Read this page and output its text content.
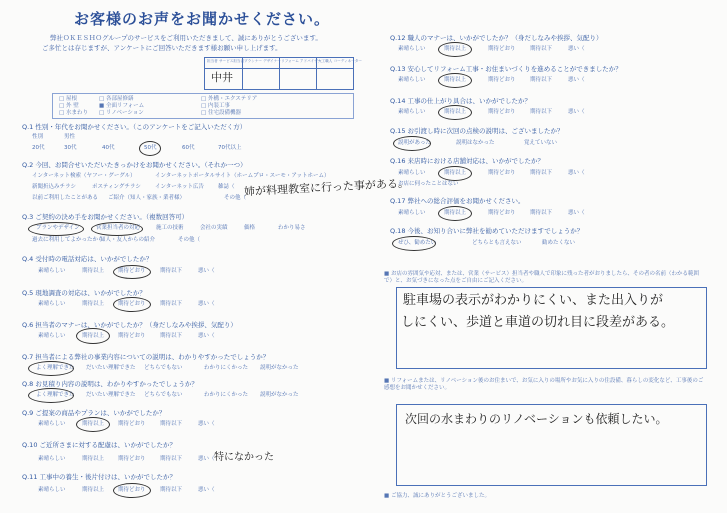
お客様のお声をお聞かせください。
弊社ＯＫＥＳＨＯグループのサービスをご利用いただきまして、誠にありがとうございます。
ご多忙とは存じますが、アンケートにご回答いただきます様お願い申し上げます。
担当者 サービス担当者 プランナー デザイナー リフォーム アドバイザー
大工職人 コーディネーター
中井
□ 屋根
□ 外 壁
□ 水まわり
□ 各部屋修繕
■ 全面リフォーム
□ リノベーション
□ 外構・エクステリア
□ 内装工事
□ 住宅設備機器
Q.1 性別・年代をお聞かせください。（このアンケートをご記入いただく方）
性別	男性
20代	30代	40代	50代	60代	70代以上
Q.2 今回、お問合せいただいたきっかけをお聞かせください。（それか一つ）
インターネット検索（ヤフー・グーグル）	インターネットポータルサイト（ホームプロ・スーモ・アットホーム）
新聞折込みチラシ	ポスティングチラシ	インターネット広告	雑誌（
以前ご利用したことがある ご紹介（知人・家族・業者様）	その他（
姉が料理教室に行った事がある。
Q.3 ご契約の決め手をお聞かせください。（複数回答可）
プランやデザイン	営業担当者の対応	施工の技術	会社の実績	価格	わかり易さ
過去に利用してよかったから
知人・友人からの紹介	その他（
Q.4 受付時の電話対応は、いかがでしたか？
素晴らしい	期待以上	期待どおり	期待以下	悪い（
Q.5 現地調査の対応は、いかがでしたか？
素晴らしい	期待以上	期待どおり	期待以下	悪い（
Q.6 担当者のマナーは、いかがでしたか？（身だしなみや挨拶、気配り）
素晴らしい	期待以上	期待どおり	期待以下	悪い（
Q.7 担当者による弊社の事業内容についての説明は、わかりやすかったでしょうか？
よく理解できた だいたい理解できた どちらでもない	わかりにくかった 説明がなかった
Q.8 お見積り内容の説明は、わかりやすかったでしょうか？
よく理解できた だいたい理解できた どちらでもない	わかりにくかった 説明がなかった
Q.9 ご提案の商品やプランは、いかがでしたか？
素晴らしい	期待以上	期待どおり	期待以下	悪い（
Q.10 ご近所さまに対する配慮は、いかがでしたか？
素晴らしい	期待以上	期待どおり	期待以下	悪い（ 特になかった
Q.11 工事中の養生・後片付けは、いかがでしたか？
素晴らしい	期待以上	期待どおり	期待以下	悪い（
Q.12 職人のマナーは、いかがでしたか？（身だしなみや挨拶、気配り）
素晴らしい	期待以上	期待どおり	期待以下	悪い（
Q.13 安心してリフォーム工事・お住まいづくりを進めることができましたか？
素晴らしい	期待以上	期待どおり	期待以下	悪い（
Q.14 工事の仕上がり具合は、いかがでしたか？
素晴らしい	期待以上	期待どおり	期待以下	悪い（
Q.15 お引渡し時に次回の点検の説明は、ございましたか？
説明があった	説明はなかった	覚えていない
Q.16 来店時における店舗対応は、いかがでしたか？
素晴らしい	期待以上	期待どおり	期待以下	悪い（
お店に伺ったことはない
Q.17 弊社への総合評価をお聞かせください。
素晴らしい	期待以上	期待どおり	期待以下	悪い（
Q.18 今後、お知り合いに弊社を勧めていただけますでしょうか？
ぜひ、勧めたい	どちらとも言えない	勧めたくない
■ お店の雰囲気や応対、または、営業（サービス）担当者や職人で印象に残った者がおりましたら、その者の名前（わかる範囲で）と、お気づきになった点をご自由にご記入ください。
駐車場の表示がわかりにくい、また出入りが
しにくい、歩道と車道の切れ目に段差がある。
■ リフォームまたは、リノベーション後のお住まいで、お気に入りの場所やお気に入りの住設備、暮らしの変化など、工事後のご感想をお聞かせください。
次回の水まわりのリノベーションも依頼したい。
■ ご協力、誠にありがとうございました。
